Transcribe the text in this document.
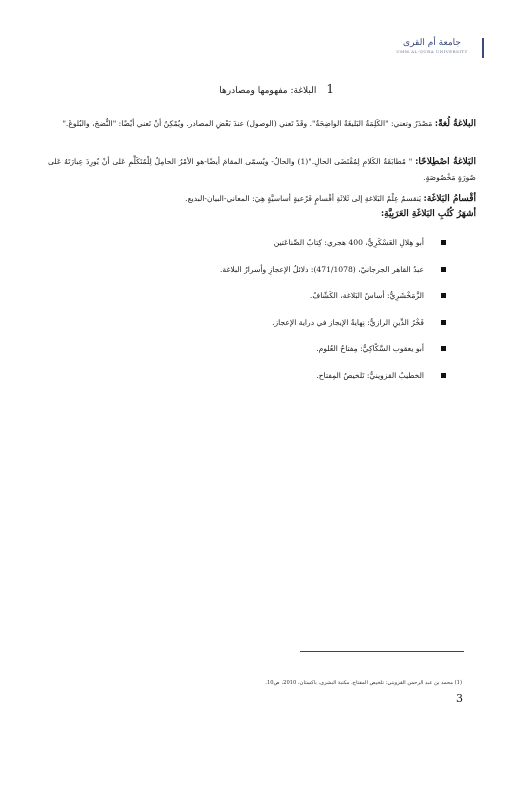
جامعة أم القرى
UMM AL-QURA UNIVERSITY
1
البلاغة: مفهومها ومصادرها
البلاغةُ لُغةً: مَصْدَرٌ وتعني: "الكَلِمَةُ البَليغَةُ الواضِحَةُ". وقَدْ تَعني (الوصول) عندَ بَعْضِ المصادر. ويُمْكِنُ أنْ تَعني أيْضًا: "النُّضجَ، والبُلوغَ."
البَلاغةُ اصْطِلاحًا: " مُطابَقَةُ الكَلامِ لِمُقْتَضَى الحالِ."(1) والحالُ- ويُسمّى المقامَ أيضًا-هو الأمْرُ الحامِلُ لِلْمُتَكَلِّمِ عَلى أنْ يُورِدَ عِبارَتَهُ عَلى صُورَةٍ مَخْصُوصَةٍ.
أقْسامُ البَلاغَة: يَنقسمُ عِلْمُ البَلاغةِ إلى ثَلاثَةِ أقْسامٍ فَرْعيةٍ أساسيَّةٍ هِيَ: المعاني-البيان-البديع.
أشهَرُ كُتُبِ البَلاغَةِ العَرَبِيَّةِ:
أبو هِلالِ العَسْكَرِيُّ، 400 هجري: كِتابُ الصِّناعَتين
عبدُ القاهر الجرجانيّ، (471/1078): دلائلُ الإعجازِ وأسرارُ البلاغة.
الزَّمَخْشَرِيُّ: أساسُ البَلاغة، الكَشّافُ.
فَخْرُ الدِّينِ الرازيُّ: نِهايةُ الإيجاز في دراية الإعجاز.
أبو يعقوب السَّكّاكِيُّ: مِفتاحُ العُلوم.
الخطيبُ القزوينيُّ: تَلخيصُ المِفتاح.
(1) محمد بن عبد الرحمن القزويني: تلخيص المفتاح، مكتبة البشرى، باكستان، 2010، ص10.
3
